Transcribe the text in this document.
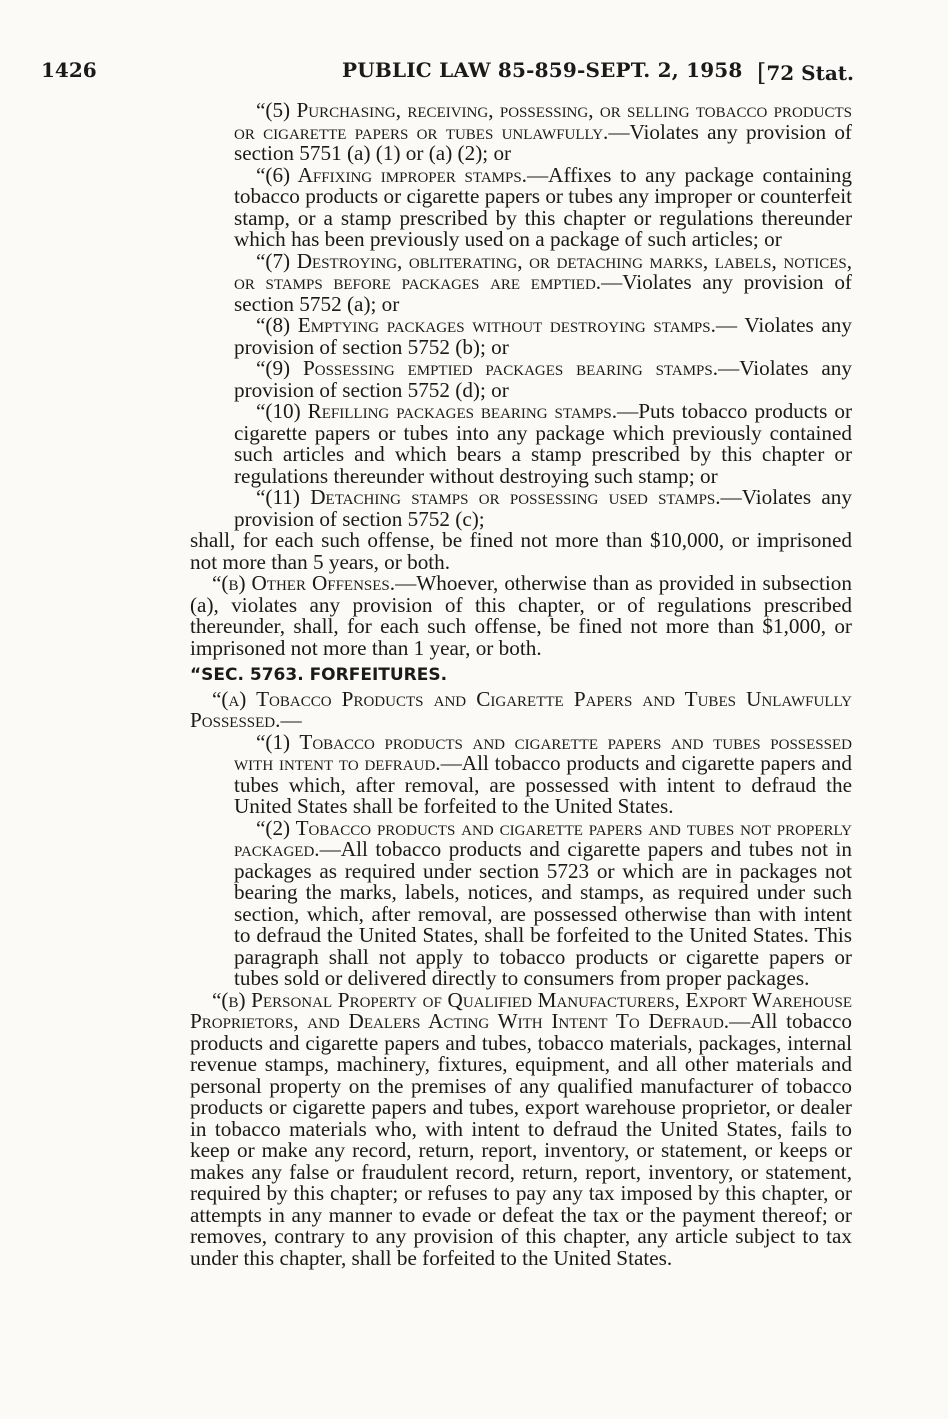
1426	PUBLIC LAW 85-859-SEPT. 2, 1958 [72 Stat.

“(5) Purchasing, receiving, possessing, or selling tobacco products or cigarette papers or tubes unlawfully.—Violates any provision of section 5751 (a) (1) or (a) (2); or

“(6) Affixing improper stamps.—Affixes to any package containing tobacco products or cigarette papers or tubes any improper or counterfeit stamp, or a stamp prescribed by this chapter or regulations thereunder which has been previously used on a package of such articles; or

“(7) Destroying, obliterating, or detaching marks, labels, notices, or stamps before packages are emptied.—Violates any provision of section 5752 (a); or

“(8) Emptying packages without destroying stamps.— Violates any provision of section 5752 (b); or

“(9) Possessing emptied packages bearing stamps.—Violates any provision of section 5752 (d); or

“(10) Refilling packages bearing stamps.—Puts tobacco products or cigarette papers or tubes into any package which previously contained such articles and which bears a stamp prescribed by this chapter or regulations thereunder without destroying such stamp; or

“(11) Detaching stamps or possessing used stamps.—Violates any provision of section 5752 (c);

shall, for each such offense, be fined not more than $10,000, or imprisoned not more than 5 years, or both.

“(b) Other Offenses.—Whoever, otherwise than as provided in subsection (a), violates any provision of this chapter, or of regulations prescribed thereunder, shall, for each such offense, be fined not more than $1,000, or imprisoned not more than 1 year, or both.

“SEC. 5763. FORFEITURES.

“(a) Tobacco Products and Cigarette Papers and Tubes Unlawfully Possessed.—

“(1) Tobacco products and cigarette papers and tubes possessed with intent to defraud.—All tobacco products and cigarette papers and tubes which, after removal, are possessed with intent to defraud the United States shall be forfeited to the United States.

“(2) Tobacco products and cigarette papers and tubes not properly packaged.—All tobacco products and cigarette papers and tubes not in packages as required under section 5723 or which are in packages not bearing the marks, labels, notices, and stamps, as required under such section, which, after removal, are possessed otherwise than with intent to defraud the United States, shall be forfeited to the United States. This paragraph shall not apply to tobacco products or cigarette papers or tubes sold or delivered directly to consumers from proper packages.

“(b) Personal Property of Qualified Manufacturers, Export Warehouse Proprietors, and Dealers Acting With Intent To Defraud.—All tobacco products and cigarette papers and tubes, tobacco materials, packages, internal revenue stamps, machinery, fixtures, equipment, and all other materials and personal property on the premises of any qualified manufacturer of tobacco products or cigarette papers and tubes, export warehouse proprietor, or dealer in tobacco materials who, with intent to defraud the United States, fails to keep or make any record, return, report, inventory, or statement, or keeps or makes any false or fraudulent record, return, report, inventory, or statement, required by this chapter; or refuses to pay any tax imposed by this chapter, or attempts in any manner to evade or defeat the tax or the payment thereof; or removes, contrary to any provision of this chapter, any article subject to tax under this chapter, shall be forfeited to the United States.
